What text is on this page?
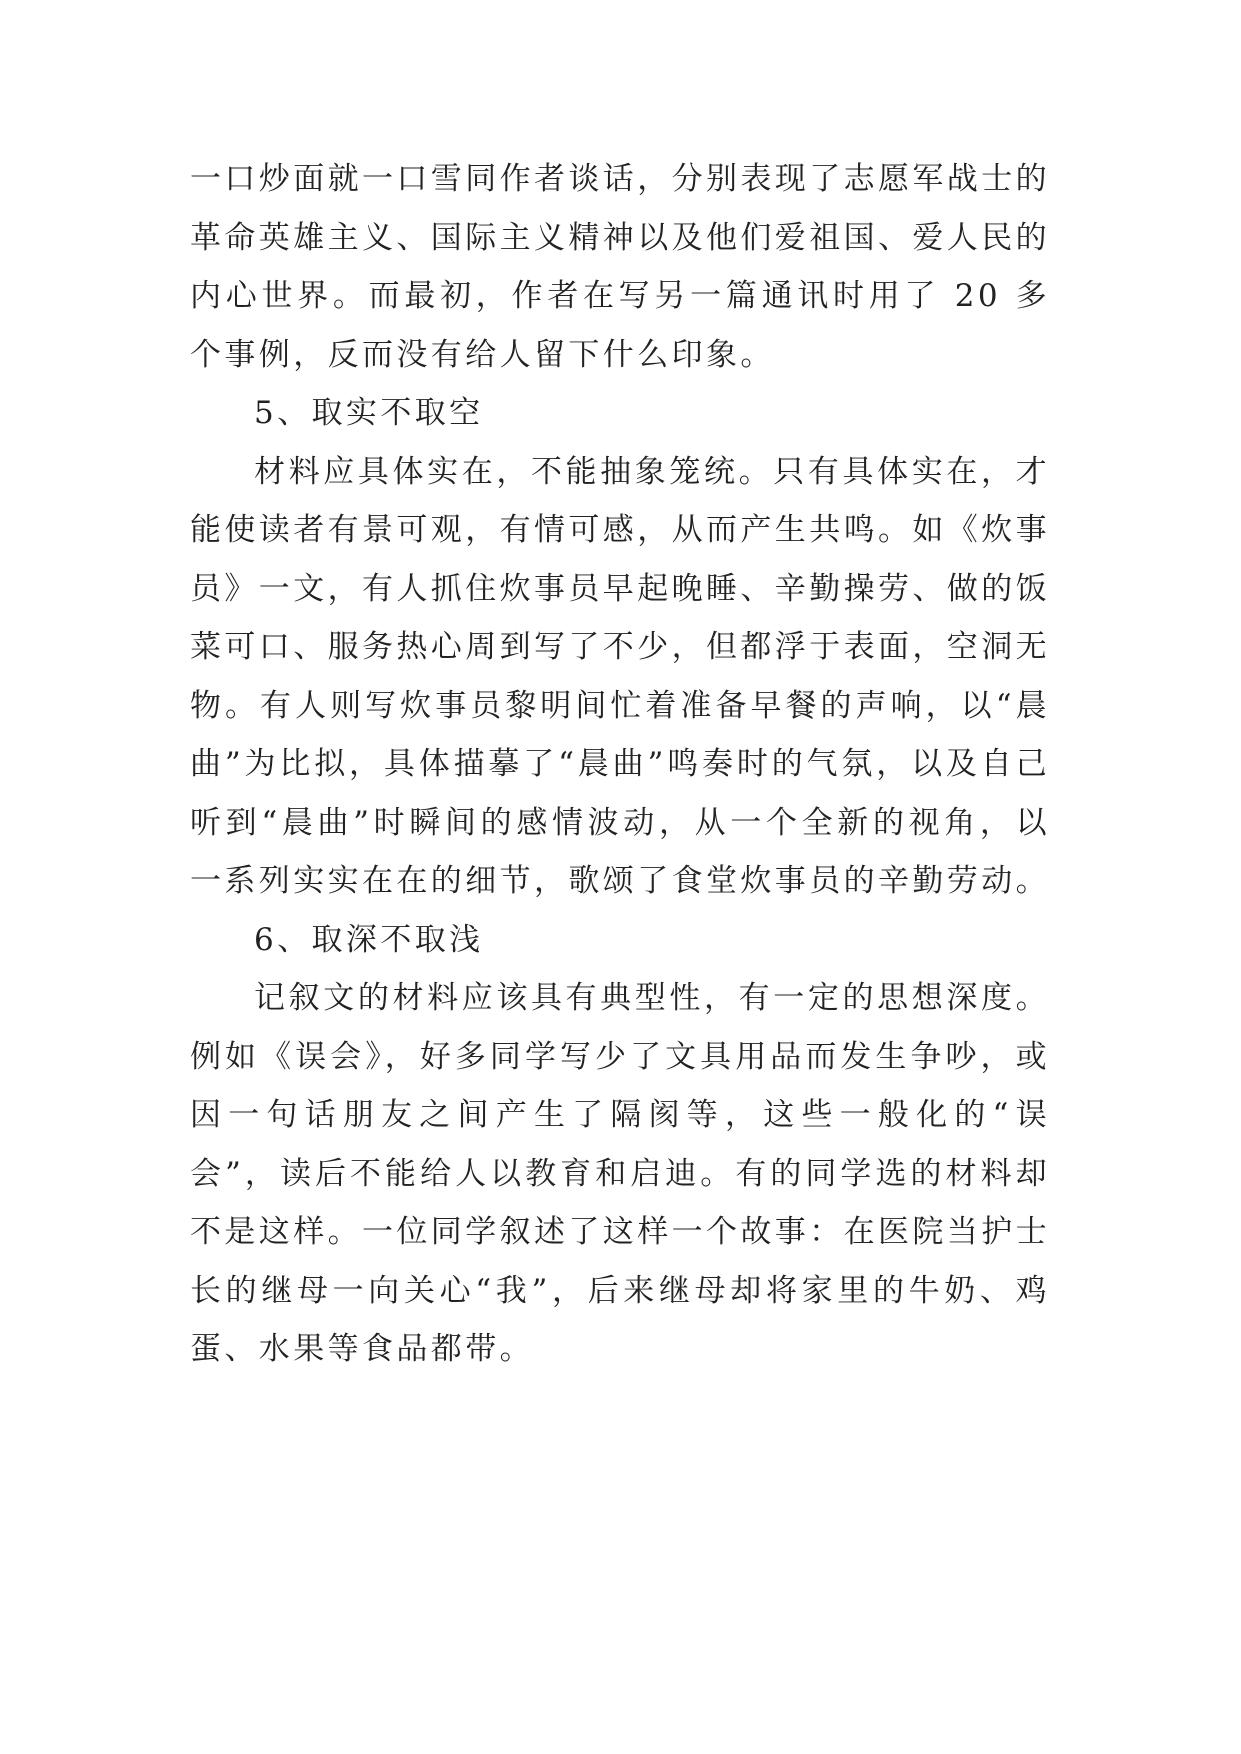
一口炒面就一口雪同作者谈话，分别表现了志愿军战士的革命英雄主义、国际主义精神以及他们爱祖国、爱人民的内心世界。而最初，作者在写另一篇通讯时用了 20 多个事例，反而没有给人留下什么印象。

5、取实不取空

材料应具体实在，不能抽象笼统。只有具体实在，才能使读者有景可观，有情可感，从而产生共鸣。如《炊事员》一文，有人抓住炊事员早起晚睡、辛勤操劳、做的饭菜可口、服务热心周到写了不少，但都浮于表面，空洞无物。有人则写炊事员黎明间忙着准备早餐的声响，以“晨曲”为比拟，具体描摹了“晨曲”鸣奏时的气氛，以及自己听到“晨曲”时瞬间的感情波动，从一个全新的视角，以一系列实实在在的细节，歌颂了食堂炊事员的辛勤劳动。

6、取深不取浅

记叙文的材料应该具有典型性，有一定的思想深度。例如《误会》，好多同学写少了文具用品而发生争吵，或因一句话朋友之间产生了隔阂等，这些一般化的“误会”，读后不能给人以教育和启迪。有的同学选的材料却不是这样。一位同学叙述了这样一个故事：在医院当护士长的继母一向关心“我”，后来继母却将家里的牛奶、鸡蛋、水果等食品都带。
